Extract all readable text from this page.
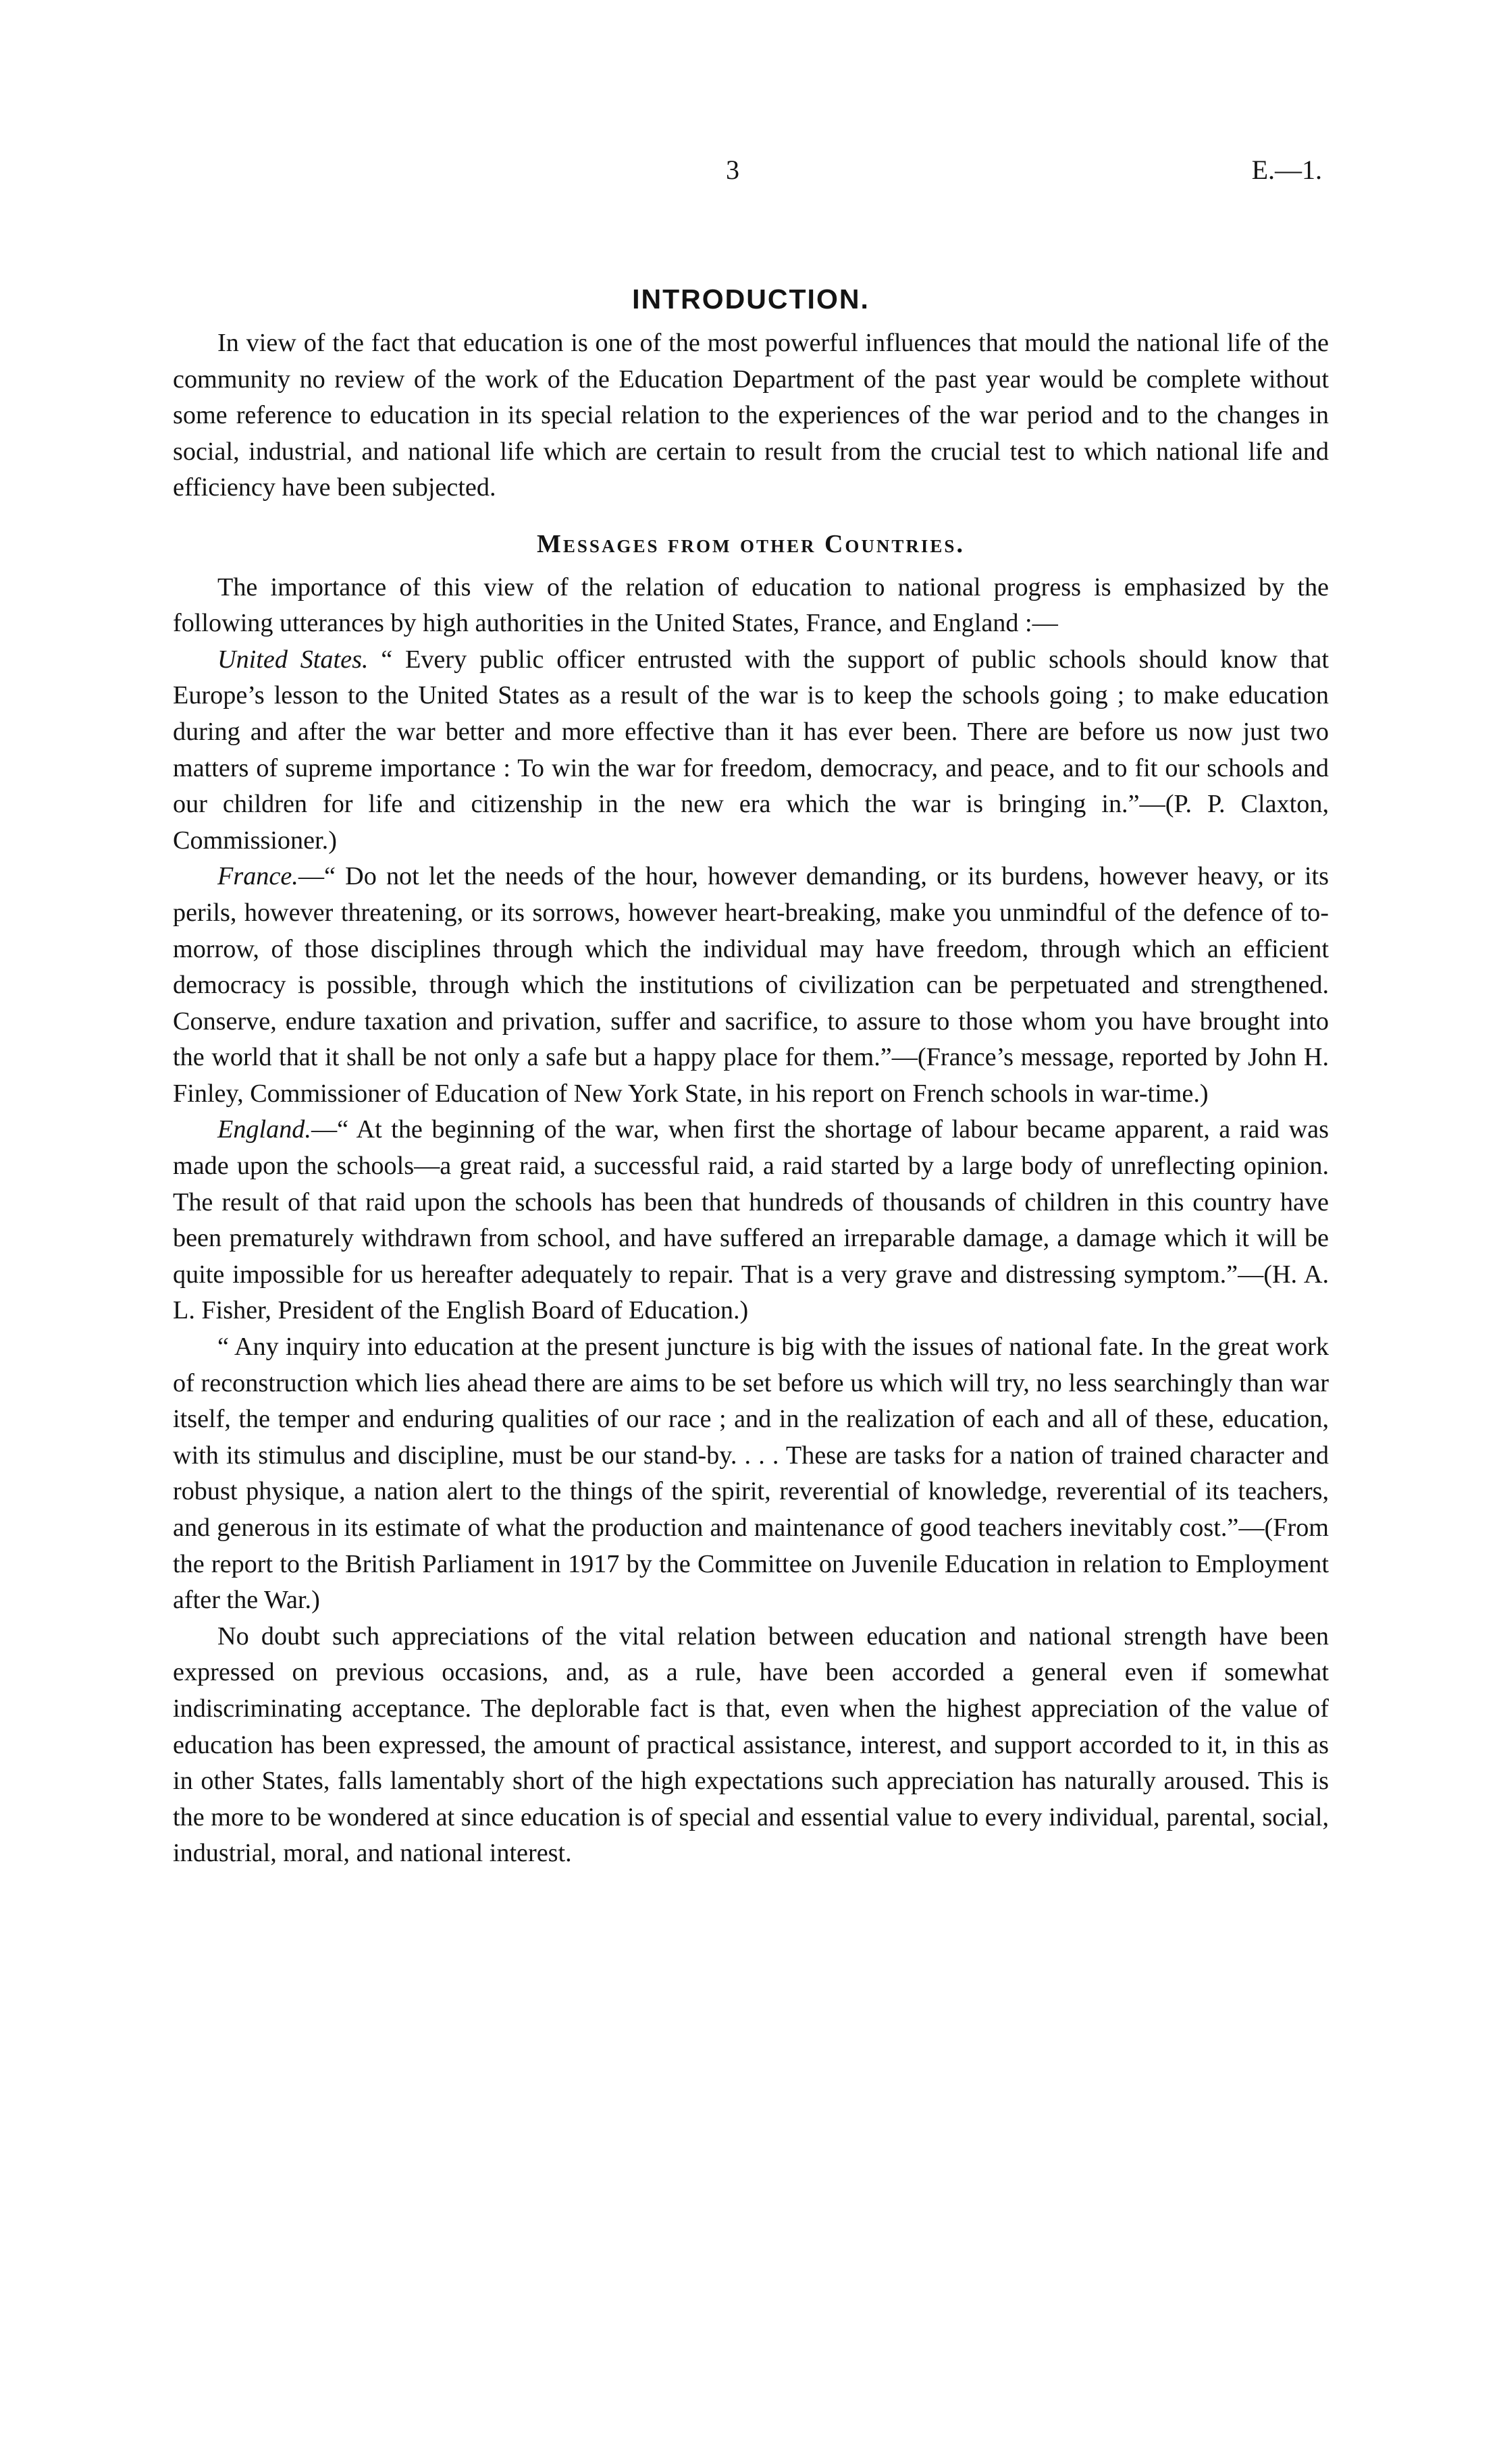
3	E.—1.
INTRODUCTION.

In view of the fact that education is one of the most powerful influences that mould the national life of the community no review of the work of the Education Department of the past year would be complete without some reference to education in its special relation to the experiences of the war period and to the changes in social, industrial, and national life which are certain to result from the crucial test to which national life and efficiency have been subjected.

Messages from other Countries.

The importance of this view of the relation of education to national progress is emphasized by the following utterances by high authorities in the United States, France, and England :—

United States. “ Every public officer entrusted with the support of public schools should know that Europe’s lesson to the United States as a result of the war is to keep the schools going ; to make education during and after the war better and more effective than it has ever been. There are before us now just two matters of supreme importance : To win the war for freedom, democracy, and peace, and to fit our schools and our children for life and citizenship in the new era which the war is bringing in.”—(P. P. Claxton, Commissioner.)

France.—“ Do not let the needs of the hour, however demanding, or its burdens, however heavy, or its perils, however threatening, or its sorrows, however heart-breaking, make you unmindful of the defence of to-morrow, of those disciplines through which the individual may have freedom, through which an efficient democracy is possible, through which the institutions of civilization can be perpetuated and strengthened. Conserve, endure taxation and privation, suffer and sacrifice, to assure to those whom you have brought into the world that it shall be not only a safe but a happy place for them.”—(France’s message, reported by John H. Finley, Commissioner of Education of New York State, in his report on French schools in war-time.)

England.—“ At the beginning of the war, when first the shortage of labour became apparent, a raid was made upon the schools—a great raid, a successful raid, a raid started by a large body of unreflecting opinion. The result of that raid upon the schools has been that hundreds of thousands of children in this country have been prematurely withdrawn from school, and have suffered an irreparable damage, a damage which it will be quite impossible for us hereafter adequately to repair. That is a very grave and distressing symptom.”—(H. A. L. Fisher, President of the English Board of Education.)

“ Any inquiry into education at the present juncture is big with the issues of national fate. In the great work of reconstruction which lies ahead there are aims to be set before us which will try, no less searchingly than war itself, the temper and enduring qualities of our race ; and in the realization of each and all of these, education, with its stimulus and discipline, must be our stand-by. . . . These are tasks for a nation of trained character and robust physique, a nation alert to the things of the spirit, reverential of knowledge, reverential of its teachers, and generous in its estimate of what the production and maintenance of good teachers inevitably cost.”—(From the report to the British Parliament in 1917 by the Committee on Juvenile Education in relation to Employment after the War.)

No doubt such appreciations of the vital relation between education and national strength have been expressed on previous occasions, and, as a rule, have been accorded a general even if somewhat indiscriminating acceptance. The deplorable fact is that, even when the highest appreciation of the value of education has been expressed, the amount of practical assistance, interest, and support accorded to it, in this as in other States, falls lamentably short of the high expectations such appreciation has naturally aroused. This is the more to be wondered at since education is of special and essential value to every individual, parental, social, industrial, moral, and national interest.
